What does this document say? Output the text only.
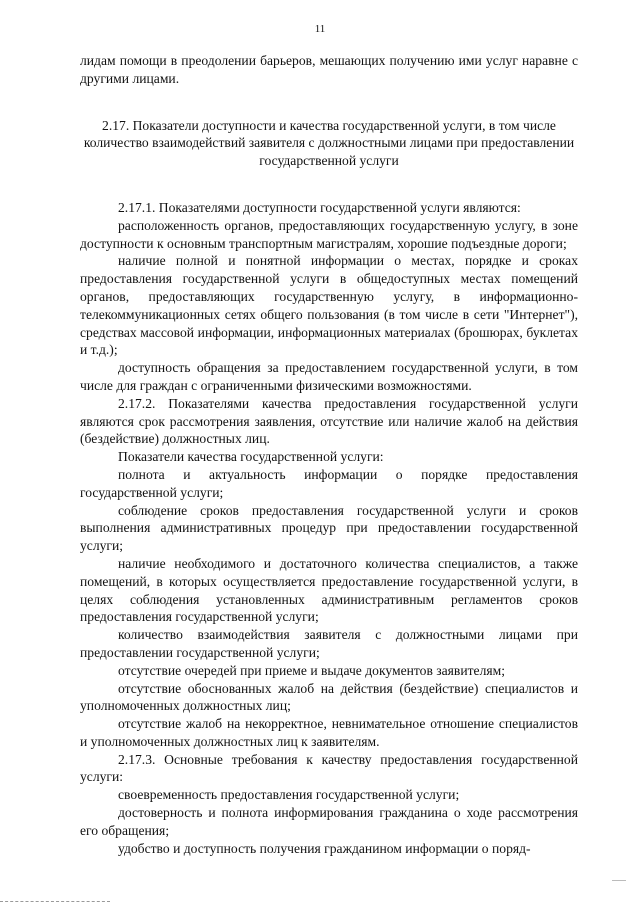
11

лидам помощи в преодолении барьеров, мешающих получению ими услуг наравне с другими лицами.

2.17. Показатели доступности и качества государственной услуги, в том числе количество взаимодействий заявителя с должностными лицами при предоставлении государственной услуги

2.17.1. Показателями доступности государственной услуги являются:

расположенность органов, предоставляющих государственную услугу, в зоне доступности к основным транспортным магистралям, хорошие подъездные дороги;

наличие полной и понятной информации о местах, порядке и сроках предоставления государственной услуги в общедоступных местах помещений органов, предоставляющих государственную услугу, в информационно-телекоммуникационных сетях общего пользования (в том числе в сети "Интернет"), средствах массовой информации, информационных материалах (брошюрах, буклетах и т.д.);

доступность обращения за предоставлением государственной услуги, в том числе для граждан с ограниченными физическими возможностями.

2.17.2. Показателями качества предоставления государственной услуги являются срок рассмотрения заявления, отсутствие или наличие жалоб на действия (бездействие) должностных лиц.

Показатели качества государственной услуги:

полнота и актуальность информации о порядке предоставления государственной услуги;

соблюдение сроков предоставления государственной услуги и сроков выполнения административных процедур при предоставлении государственной услуги;

наличие необходимого и достаточного количества специалистов, а также помещений, в которых осуществляется предоставление государственной услуги, в целях соблюдения установленных административным регламентов сроков предоставления государственной услуги;

количество взаимодействия заявителя с должностными лицами при предоставлении государственной услуги;

отсутствие очередей при приеме и выдаче документов заявителям;

отсутствие обоснованных жалоб на действия (бездействие) специалистов и уполномоченных должностных лиц;

отсутствие жалоб на некорректное, невнимательное отношение специалистов и уполномоченных должностных лиц к заявителям.

2.17.3. Основные требования к качеству предоставления государственной услуги:

своевременность предоставления государственной услуги;

достоверность и полнота информирования гражданина о ходе рассмотрения его обращения;

удобство и доступность получения гражданином информации о поряд-
